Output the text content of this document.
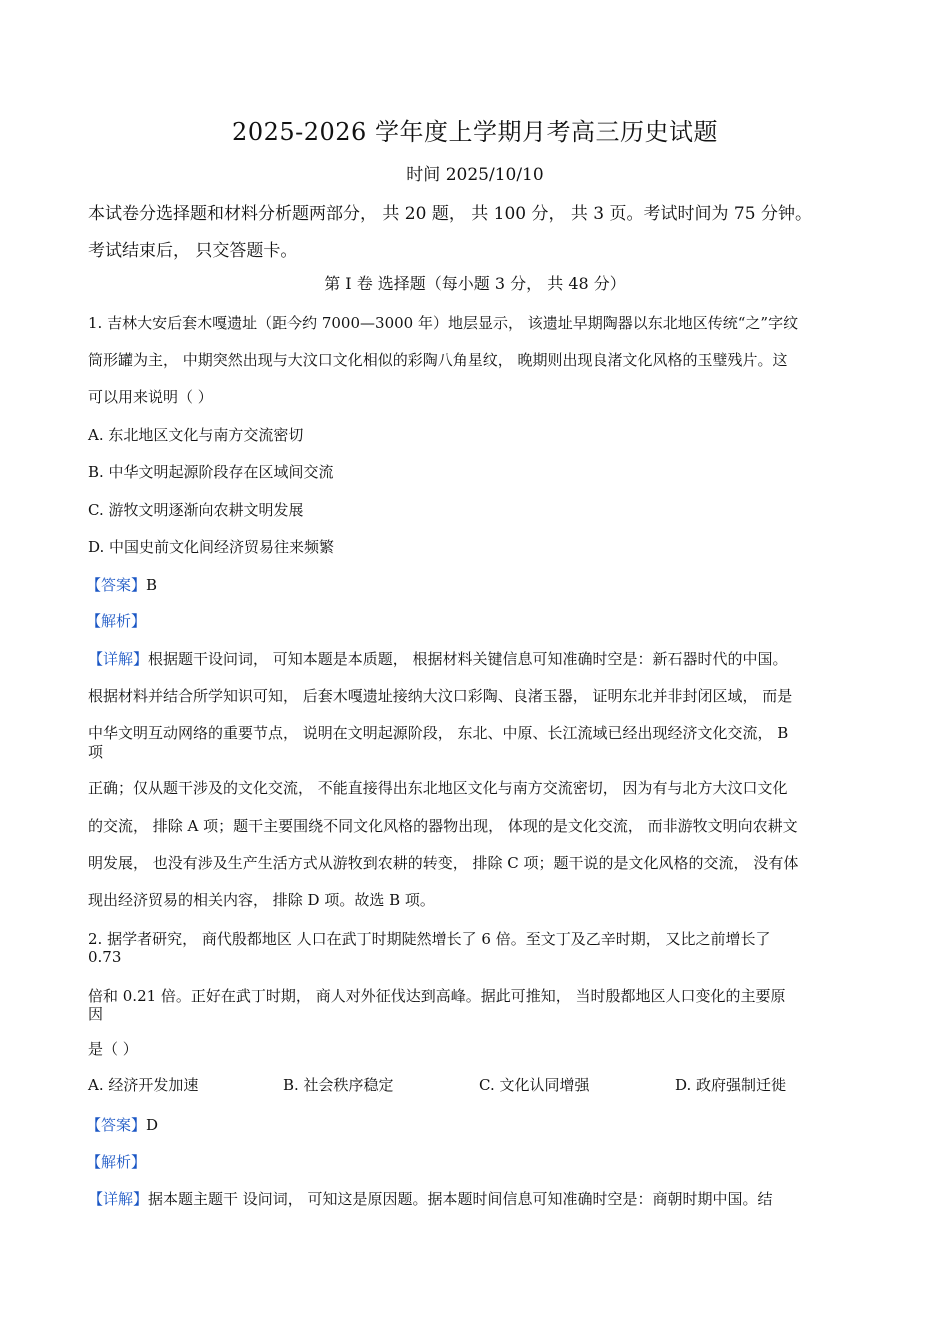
2025-2026 学年度上学期月考高三历史试题
时间 2025/10/10
本试卷分选择题和材料分析题两部分， 共 20 题， 共 100 分， 共 3 页。考试时间为 75 分钟。
考试结束后， 只交答题卡。
第 Ⅰ 卷 选择题（每小题 3 分， 共 48 分）
1. 吉林大安后套木嘎遗址（距今约 7000—3000 年）地层显示， 该遗址早期陶器以东北地区传统“之”字纹
筒形罐为主， 中期突然出现与大汶口文化相似的彩陶八角星纹， 晚期则出现良渚文化风格的玉璧残片。这
可以用来说明（ ）
A. 东北地区文化与南方交流密切
B. 中华文明起源阶段存在区域间交流
C. 游牧文明逐渐向农耕文明发展
D. 中国史前文化间经济贸易往来频繁
【答案】B
【解析】
【详解】根据题干设问词， 可知本题是本质题， 根据材料关键信息可知准确时空是：新石器时代的中国。
根据材料并结合所学知识可知， 后套木嘎遗址接纳大汶口彩陶、良渚玉器， 证明东北并非封闭区域， 而是
中华文明互动网络的重要节点， 说明在文明起源阶段， 东北、中原、长江流域已经出现经济文化交流， B
项
正确；仅从题干涉及的文化交流， 不能直接得出东北地区文化与南方交流密切， 因为有与北方大汶口文化
的交流， 排除 A 项；题干主要围绕不同文化风格的器物出现， 体现的是文化交流， 而非游牧文明向农耕文
明发展， 也没有涉及生产生活方式从游牧到农耕的转变， 排除 C 项；题干说的是文化风格的交流， 没有体
现出经济贸易的相关内容， 排除 D 项。故选 B 项。
2. 据学者研究， 商代殷都地区 人口在武丁时期陡然增长了 6 倍。至文丁及乙辛时期， 又比之前增长了
0.73
倍和 0.21 倍。正好在武丁时期， 商人对外征伐达到高峰。据此可推知， 当时殷都地区人口变化的主要原
因
是（ ）
A. 经济开发加速	B. 社会秩序稳定	C. 文化认同增强	D. 政府强制迁徙
【答案】D
【解析】
【详解】据本题主题干 设问词， 可知这是原因题。据本题时间信息可知准确时空是：商朝时期中国。结
